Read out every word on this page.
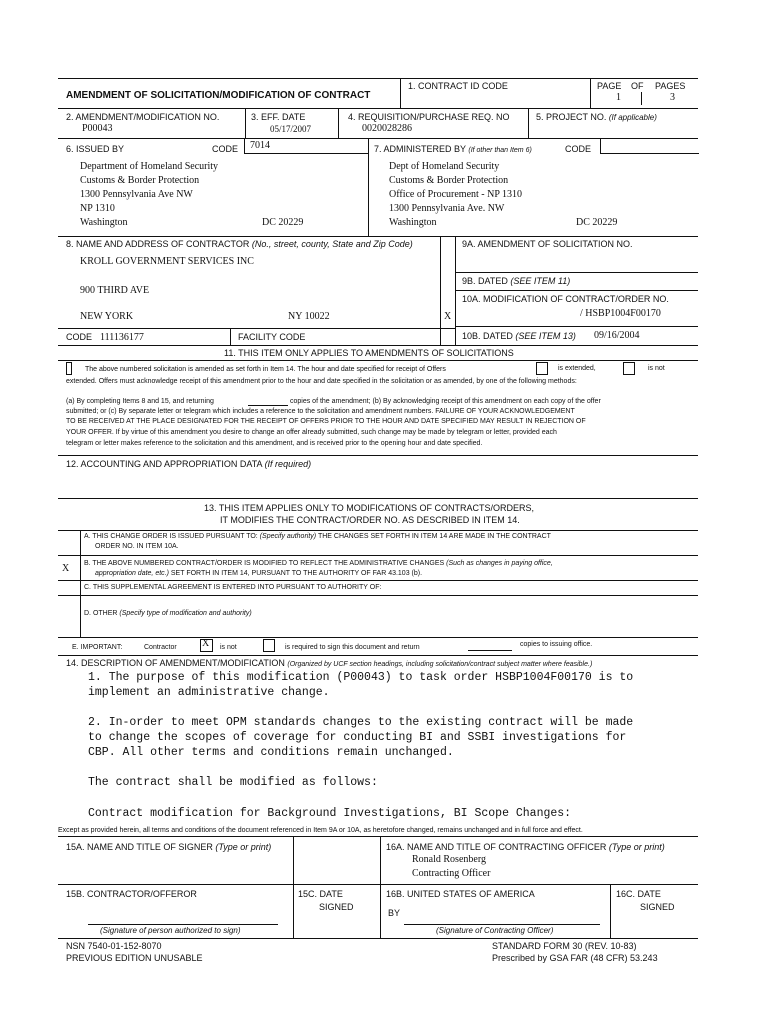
AMENDMENT OF SOLICITATION/MODIFICATION OF CONTRACT
1. CONTRACT ID CODE	PAGE OF PAGES
1	3
2. AMENDMENT/MODIFICATION NO.
P00043
3. EFF. DATE
05/17/2007
4. REQUISITION/PURCHASE REQ. NO
0020028286
5. PROJECT NO. (If applicable)
6. ISSUED BY	CODE 7014
Department of Homeland Security
Customs & Border Protection
1300 Pennsylvania Ave NW
NP 1310
Washington	DC 20229
7. ADMINISTERED BY (If other than Item 6)	CODE
Dept of Homeland Security
Customs & Border Protection
Office of Procurement - NP 1310
1300 Pennsylvania Ave. NW
Washington	DC 20229
8. NAME AND ADDRESS OF CONTRACTOR (No., street, county, State and Zip Code)
KROLL GOVERNMENT SERVICES INC
900 THIRD AVE
NEW YORK	NY 10022	X
CODE 111136177	FACILITY CODE
9A. AMENDMENT OF SOLICITATION NO.
9B. DATED (SEE ITEM 11)
10A. MODIFICATION OF CONTRACT/ORDER NO.
/ HSBP1004F00170
10B. DATED (SEE ITEM 13) 09/16/2004
11. THIS ITEM ONLY APPLIES TO AMENDMENTS OF SOLICITATIONS
The above numbered solicitation is amended as set forth in Item 14. The hour and date specified for receipt of Offers	is extended,	is not
extended. Offers must acknowledge receipt of this amendment prior to the hour and date specified in the solicitation or as amended, by one of the following methods:
(a) By completing Items 8 and 15, and returning	copies of the amendment; (b) By acknowledging receipt of this amendment on each copy of the offer
submitted; or (c) By separate letter or telegram which includes a reference to the solicitation and amendment numbers. FAILURE OF YOUR ACKNOWLEDGEMENT
TO BE RECEIVED AT THE PLACE DESIGNATED FOR THE RECEIPT OF OFFERS PRIOR TO THE HOUR AND DATE SPECIFIED MAY RESULT IN REJECTION OF
YOUR OFFER. If by virtue of this amendment you desire to change an offer already submitted, such change may be made by telegram or letter, provided each
telegram or letter makes reference to the solicitation and this amendment, and is received prior to the opening hour and date specified.
12. ACCOUNTING AND APPROPRIATION DATA (If required)
13. THIS ITEM APPLIES ONLY TO MODIFICATIONS OF CONTRACTS/ORDERS,
IT MODIFIES THE CONTRACT/ORDER NO. AS DESCRIBED IN ITEM 14.
A. THIS CHANGE ORDER IS ISSUED PURSUANT TO: (Specify authority) THE CHANGES SET FORTH IN ITEM 14 ARE MADE IN THE CONTRACT
ORDER NO. IN ITEM 10A.
X B. THE ABOVE NUMBERED CONTRACT/ORDER IS MODIFIED TO REFLECT THE ADMINISTRATIVE CHANGES (Such as changes in paying office,
appropriation date, etc.) SET FORTH IN ITEM 14, PURSUANT TO THE AUTHORITY OF FAR 43.103 (b).
C. THIS SUPPLEMENTAL AGREEMENT IS ENTERED INTO PURSUANT TO AUTHORITY OF:
D. OTHER (Specify type of modification and authority)
E. IMPORTANT:	Contractor	X is not	is required to sign this document and return	copies to issuing office.
14. DESCRIPTION OF AMENDMENT/MODIFICATION (Organized by UCF section headings, including solicitation/contract subject matter where feasible.)
1. The purpose of this modification (P00043) to task order HSBP1004F00170 is to
implement an administrative change.
2. In-order to meet OPM standards changes to the existing contract will be made
to change the scopes of coverage for conducting BI and SSBI investigations for
CBP. All other terms and conditions remain unchanged.
The contract shall be modified as follows:
Contract modification for Background Investigations, BI Scope Changes:
Except as provided herein, all terms and conditions of the document referenced in Item 9A or 10A, as heretofore changed, remains unchanged and in full force and effect.
15A. NAME AND TITLE OF SIGNER (Type or print)	16A. NAME AND TITLE OF CONTRACTING OFFICER (Type or print)
Ronald Rosenberg
Contracting Officer
15B. CONTRACTOR/OFFEROR	15C. DATE
SIGNED
16B. UNITED STATES OF AMERICA
BY
16C. DATE
SIGNED
(Signature of person authorized to sign)	(Signature of Contracting Officer)
NSN 7540-01-152-8070
PREVIOUS EDITION UNUSABLE
STANDARD FORM 30 (REV. 10-83)
Prescribed by GSA FAR (48 CFR) 53.243
